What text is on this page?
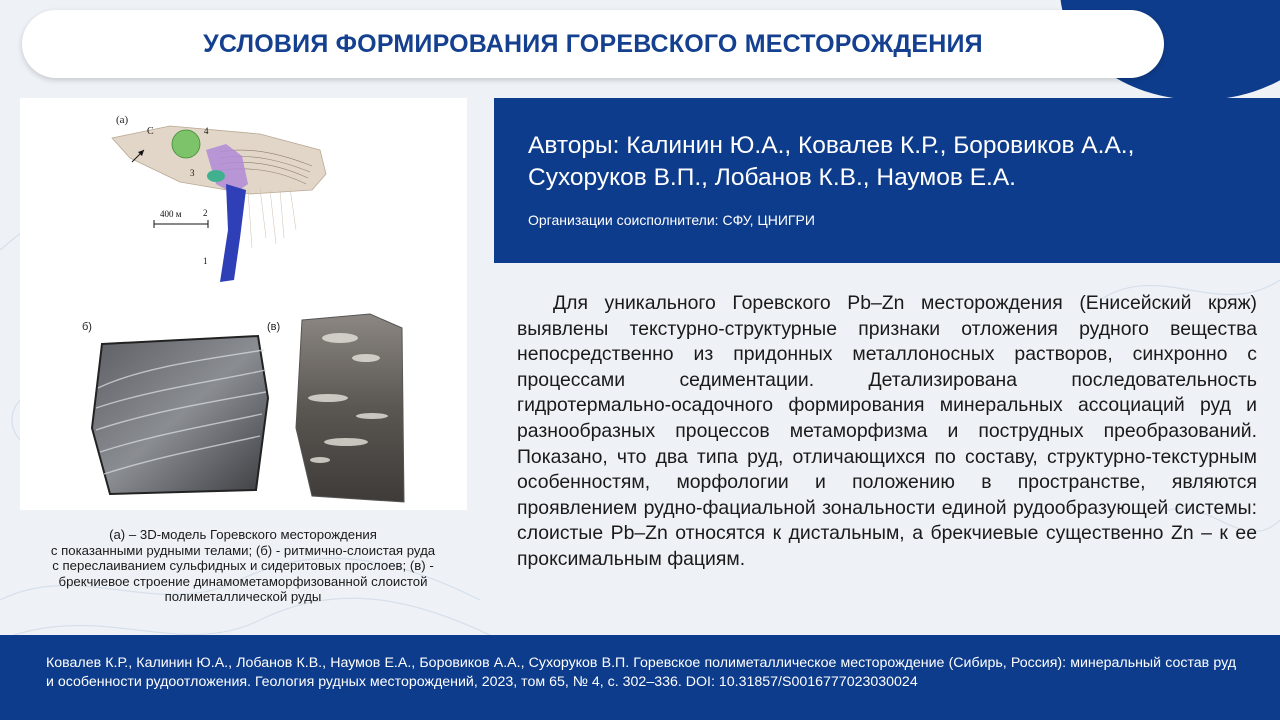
УСЛОВИЯ ФОРМИРОВАНИЯ ГОРЕВСКОГО МЕСТОРОЖДЕНИЯ
(а)
С
400 м
1
2
3
4
б)	(в)
(а) – 3D-модель Горевского месторождения
с показанными рудными телами; (б) - ритмично-слоистая руда
с переслаиванием сульфидных и сидеритовых прослоев; (в) -
брекчиевое строение динамометаморфизованной слоистой
полиметаллической руды
Авторы: Калинин Ю.А., Ковалев К.Р., Боровиков А.А., Сухоруков В.П., Лобанов К.В., Наумов Е.А.
Организации соисполнители: СФУ, ЦНИГРИ
Для уникального Горевского Pb–Zn месторождения (Енисейский кряж) выявлены текстурно-структурные признаки отложения рудного вещества непосредственно из придонных металлоносных растворов, синхронно с процессами седиментации. Детализирована последовательность гидротермально-осадочного формирования минеральных ассоциаций руд и разнообразных процессов метаморфизма и пострудных преобразований. Показано, что два типа руд, отличающихся по составу, структурно-текстурным особенностям, морфологии и положению в пространстве, являются проявлением рудно-фациальной зональности единой рудообразующей системы: слоистые Pb–Zn относятся к дистальным, а брекчиевые существенно Zn – к ее проксимальным фациям.

Ковалев К.Р., Калинин Ю.А., Лобанов К.В., Наумов Е.А., Боровиков А.А., Сухоруков В.П. Горевское полиметаллическое месторождение (Сибирь, Россия): минеральный состав руд и особенности рудоотложения. Геология рудных месторождений, 2023, том 65, № 4, с. 302–336. DOI: 10.31857/S0016777023030024
